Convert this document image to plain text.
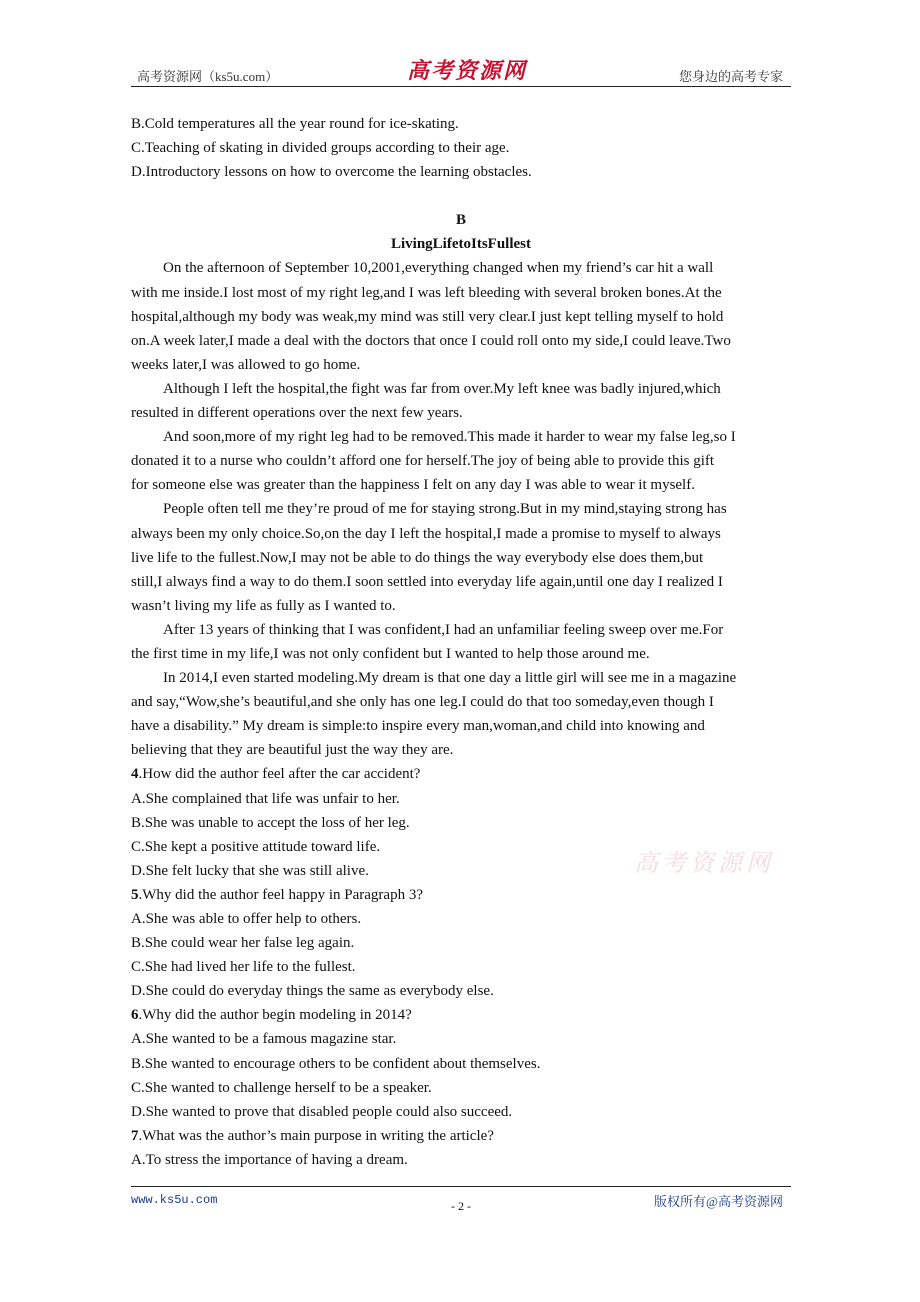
高考资源网（ks5u.com）	高考资源网	您身边的高考专家
B.Cold temperatures all the year round for ice-skating.
C.Teaching of skating in divided groups according to their age.
D.Introductory lessons on how to overcome the learning obstacles.
B
LivingLifetoItsFullest
On the afternoon of September 10,2001,everything changed when my friend’s car hit a wall
with me inside.I lost most of my right leg,and I was left bleeding with several broken bones.At the
hospital,although my body was weak,my mind was still very clear.I just kept telling myself to hold
on.A week later,I made a deal with the doctors that once I could roll onto my side,I could leave.Two
weeks later,I was allowed to go home.
Although I left the hospital,the fight was far from over.My left knee was badly injured,which
resulted in different operations over the next few years.
And soon,more of my right leg had to be removed.This made it harder to wear my false leg,so I
donated it to a nurse who couldn’t afford one for herself.The joy of being able to provide this gift
for someone else was greater than the happiness I felt on any day I was able to wear it myself.
People often tell me they’re proud of me for staying strong.But in my mind,staying strong has
always been my only choice.So,on the day I left the hospital,I made a promise to myself to always
live life to the fullest.Now,I may not be able to do things the way everybody else does them,but
still,I always find a way to do them.I soon settled into everyday life again,until one day I realized I
wasn’t living my life as fully as I wanted to.
After 13 years of thinking that I was confident,I had an unfamiliar feeling sweep over me.For
the first time in my life,I was not only confident but I wanted to help those around me.
In 2014,I even started modeling.My dream is that one day a little girl will see me in a magazine
and say,“Wow,she’s beautiful,and she only has one leg.I could do that too someday,even though I
have a disability.” My dream is simple:to inspire every man,woman,and child into knowing and
believing that they are beautiful just the way they are.
4.How did the author feel after the car accident?
A.She complained that life was unfair to her.
B.She was unable to accept the loss of her leg.
C.She kept a positive attitude toward life.
D.She felt lucky that she was still alive.
5.Why did the author feel happy in Paragraph 3?
A.She was able to offer help to others.
B.She could wear her false leg again.
C.She had lived her life to the fullest.
D.She could do everyday things the same as everybody else.
6.Why did the author begin modeling in 2014?
A.She wanted to be a famous magazine star.
B.She wanted to encourage others to be confident about themselves.
C.She wanted to challenge herself to be a speaker.
D.She wanted to prove that disabled people could also succeed.
7.What was the author’s main purpose in writing the article?
A.To stress the importance of having a dream.
高考资源网
www.ks5u.com	- 2 -	版权所有@高考资源网
